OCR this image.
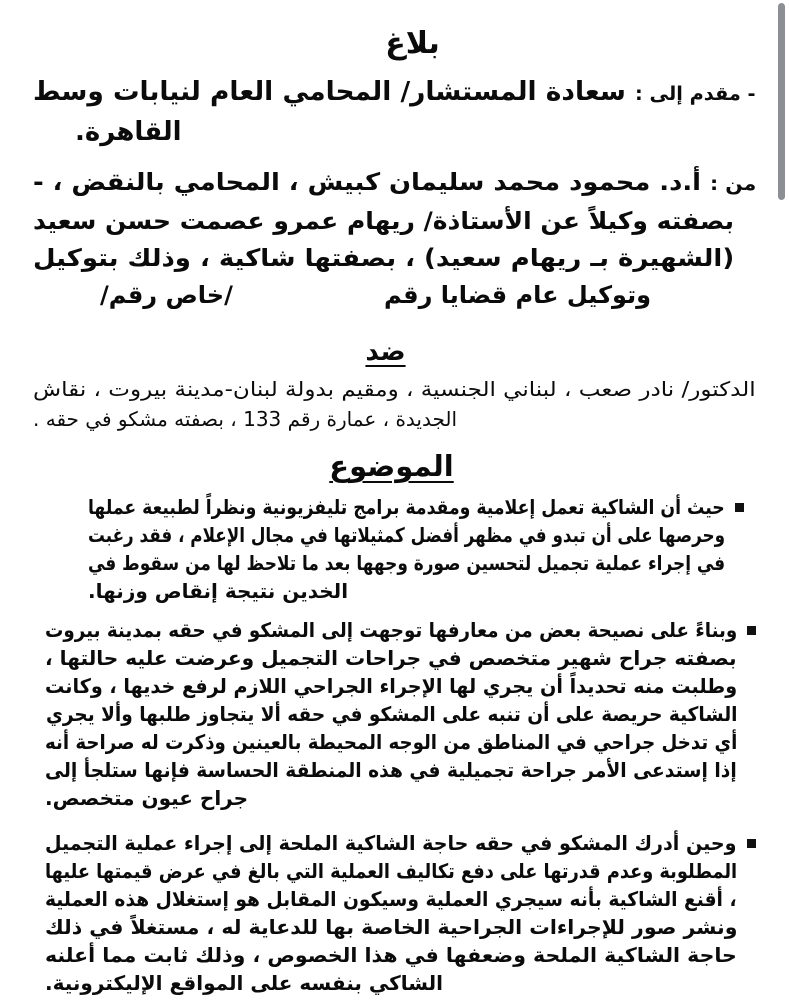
بلاغ
- مقدم إلى : سعادة المستشار/ المحامي العام لنيابات وسط
القاهرة.
من : أ.د. محمود محمد سليمان كبيش ، المحامي بالنقض ، -
بصفته وكيلاً عن الأستاذة/ ريهام عمرو عصمت حسن سعيد
(الشهيرة بـ ريهام سعيد) ، بصفتها شاكية ، وذلك بتوكيل
وتوكيل عام قضايا رقم
/خاص رقم/
ضد
الدكتور/ نادر صعب ، لبناني الجنسية ، ومقيم بدولة لبنان-مدينة بيروت ، نقاش
الجديدة ، عمارة رقم 133 ، بصفته مشكو في حقه .
الموضوع
حيث أن الشاكية تعمل إعلامية ومقدمة برامج تليفزيونية ونظراً لطبيعة عملها
وحرصها على أن تبدو في مظهر أفضل كمثيلاتها في مجال الإعلام ، فقد رغبت
في إجراء عملية تجميل لتحسين صورة وجهها بعد ما تلاحظ لها من سقوط في
الخدين نتيجة إنقاص وزنها.
وبناءً على نصيحة بعض من معارفها توجهت إلى المشكو في حقه بمدينة بيروت
بصفته جراح شهير متخصص في جراحات التجميل وعرضت عليه حالتها ،
وطلبت منه تحديداً أن يجري لها الإجراء الجراحي اللازم لرفع خديها ، وكانت
الشاكية حريصة على أن تنبه على المشكو في حقه ألا يتجاوز طلبها وألا يجري
أي تدخل جراحي في المناطق من الوجه المحيطة بالعينين وذكرت له صراحة أنه
إذا إستدعى الأمر جراحة تجميلية في هذه المنطقة الحساسة فإنها ستلجأ إلى
جراح عيون متخصص.
وحين أدرك المشكو في حقه حاجة الشاكية الملحة إلى إجراء عملية التجميل
المطلوبة وعدم قدرتها على دفع تكاليف العملية التي بالغ في عرض قيمتها عليها
، أقنع الشاكية بأنه سيجري العملية وسيكون المقابل هو إستغلال هذه العملية
ونشر صور للإجراءات الجراحية الخاصة بها للدعاية له ، مستغلاً في ذلك
حاجة الشاكية الملحة وضعفها في هذا الخصوص ، وذلك ثابت مما أعلنه
الشاكي بنفسه على المواقع الإليكترونية.
